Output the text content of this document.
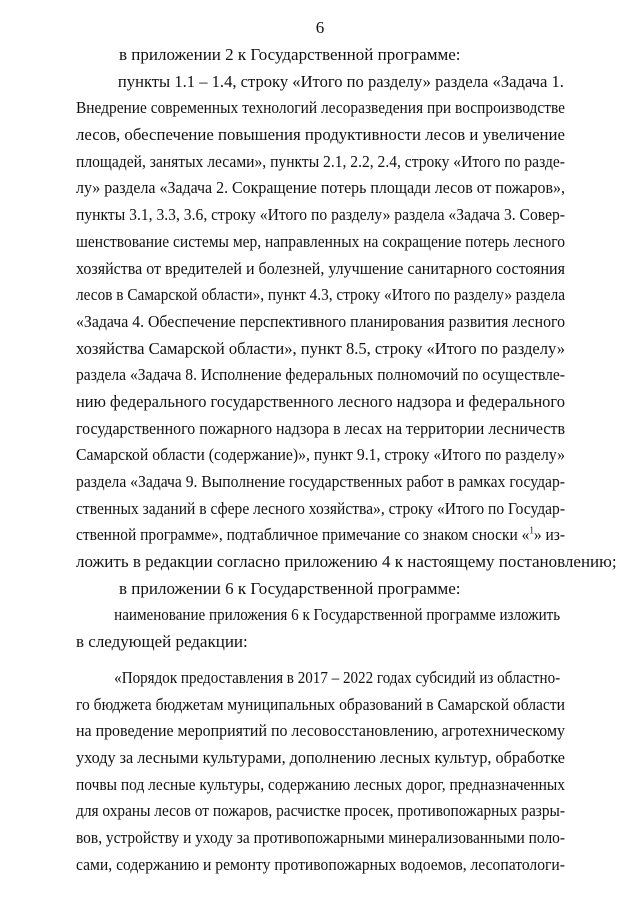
6
в приложении 2 к Государственной программе:
пункты 1.1 – 1.4, строку «Итого по разделу» раздела «Задача 1.
Внедрение современных технологий лесоразведения при воспроизводстве
лесов, обеспечение повышения продуктивности лесов и увеличение
площадей, занятых лесами», пункты 2.1, 2.2, 2.4, строку «Итого по разде-
лу» раздела «Задача 2. Сокращение потерь площади лесов от пожаров»,
пункты 3.1, 3.3, 3.6, строку «Итого по разделу» раздела «Задача 3. Совер-
шенствование системы мер, направленных на сокращение потерь лесного
хозяйства от вредителей и болезней, улучшение санитарного состояния
лесов в Самарской области», пункт 4.3, строку «Итого по разделу» раздела
«Задача 4. Обеспечение перспективного планирования развития лесного
хозяйства Самарской области», пункт 8.5, строку «Итого по разделу»
раздела «Задача 8. Исполнение федеральных полномочий по осуществле-
нию федерального государственного лесного надзора и федерального
государственного пожарного надзора в лесах на территории лесничеств
Самарской области (содержание)», пункт 9.1, строку «Итого по разделу»
раздела «Задача 9. Выполнение государственных работ в рамках государ-
ственных заданий в сфере лесного хозяйства», строку «Итого по Государ-
ственной программе», подтабличное примечание со знаком сноски «$^1$» из-
ложить в редакции согласно приложению 4 к настоящему постановлению;
в приложении 6 к Государственной программе:
наименование приложения 6 к Государственной программе изложить
в следующей редакции:
«Порядок предоставления в 2017 – 2022 годах субсидий из областно-
го бюджета бюджетам муниципальных образований в Самарской области
на проведение мероприятий по лесовосстановлению, агротехническому
уходу за лесными культурами, дополнению лесных культур, обработке
почвы под лесные культуры, содержанию лесных дорог, предназначенных
для охраны лесов от пожаров, расчистке просек, противопожарных разры-
вов, устройству и уходу за противопожарными минерализованными поло-
сами, содержанию и ремонту противопожарных водоемов, лесопатологи-
